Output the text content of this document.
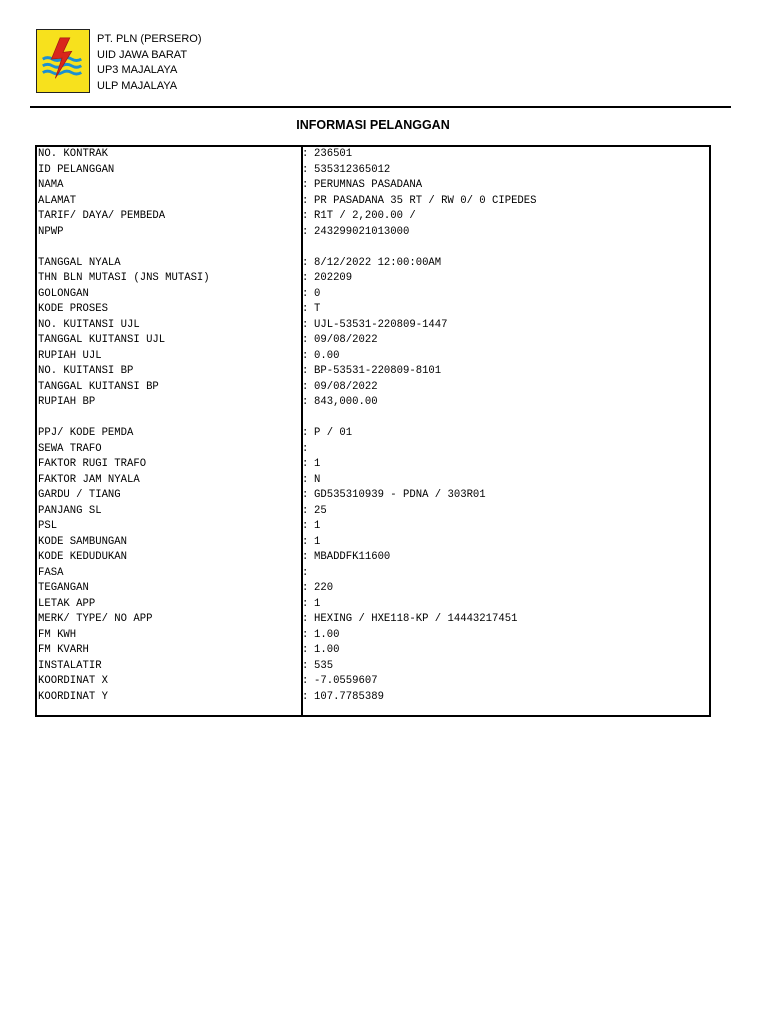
PT. PLN (PERSERO)
UID JAWA BARAT
UP3 MAJALAYA
ULP MAJALAYA
INFORMASI PELANGGAN
NO. KONTRAK	: 236501
ID PELANGGAN	: 535312365012
NAMA	: PERUMNAS PASADANA
ALAMAT	: PR PASADANA 35 RT / RW 0/ 0 CIPEDES
TARIF/ DAYA/ PEMBEDA	: R1T / 2,200.00 /
NPWP	: 243299021013000
TANGGAL NYALA	: 8/12/2022 12:00:00AM
THN BLN MUTASI (JNS MUTASI)	: 202209
GOLONGAN	: 0
KODE PROSES	: T
NO. KUITANSI UJL	: UJL-53531-220809-1447
TANGGAL KUITANSI UJL	: 09/08/2022
RUPIAH UJL	: 0.00
NO. KUITANSI BP	: BP-53531-220809-8101
TANGGAL KUITANSI BP	: 09/08/2022
RUPIAH BP	: 843,000.00
PPJ/ KODE PEMDA	: P / 01
SEWA TRAFO	:
FAKTOR RUGI TRAFO	: 1
FAKTOR JAM NYALA	: N
GARDU / TIANG	: GD535310939 - PDNA / 303R01
PANJANG SL	: 25
PSL	: 1
KODE SAMBUNGAN	: 1
KODE KEDUDUKAN	: MBADDFK11600
FASA	:
TEGANGAN	: 220
LETAK APP	: 1
MERK/ TYPE/ NO APP	: HEXING / HXE118-KP / 14443217451
FM KWH	: 1.00
FM KVARH	: 1.00
INSTALATIR	: 535
KOORDINAT X	: -7.0559607
KOORDINAT Y	: 107.7785389
